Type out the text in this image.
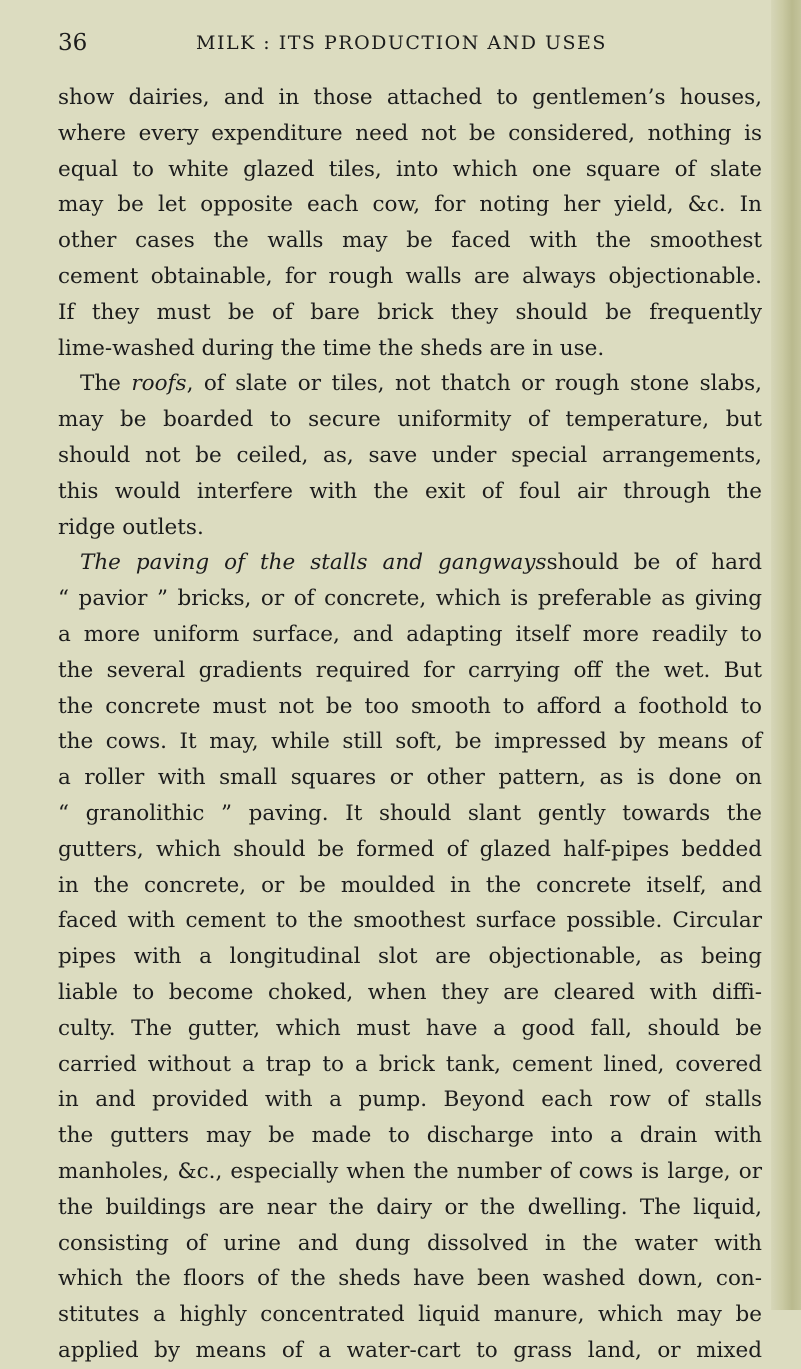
36	MILK : ITS PRODUCTION AND USES
show dairies, and in those attached to gentlemen’s houses,
where every expenditure need not be considered, nothing is
equal to white glazed tiles, into which one square of slate
may be let opposite each cow, for noting her yield, &c. In
other cases the walls may be faced with the smoothest
cement obtainable, for rough walls are always objectionable.
If they must be of bare brick they should be frequently
lime-washed during the time the sheds are in use.
The roofs, of slate or tiles, not thatch or rough stone slabs,
may be boarded to secure uniformity of temperature, but
should not be ceiled, as, save under special arrangements,
this would interfere with the exit of foul air through the
ridge outlets.
The paving of the stalls and gangwaysshould be of hard
“ pavior ” bricks, or of concrete, which is preferable as giving
a more uniform surface, and adapting itself more readily to
the several gradients required for carrying off the wet. But
the concrete must not be too smooth to afford a foothold to
the cows. It may, while still soft, be impressed by means of
a roller with small squares or other pattern, as is done on
“ granolithic ” paving. It should slant gently towards the
gutters, which should be formed of glazed half-pipes bedded
in the concrete, or be moulded in the concrete itself, and
faced with cement to the smoothest surface possible. Circular
pipes with a longitudinal slot are objectionable, as being
liable to become choked, when they are cleared with diffi-
culty. The gutter, which must have a good fall, should be
carried without a trap to a brick tank, cement lined, covered
in and provided with a pump. Beyond each row of stalls
the gutters may be made to discharge into a drain with
manholes, &c., especially when the number of cows is large, or
the buildings are near the dairy or the dwelling. The liquid,
consisting of urine and dung dissolved in the water with
which the floors of the sheds have been washed down, con-
stitutes a highly concentrated liquid manure, which may be
applied by means of a water-cart to grass land, or mixed
